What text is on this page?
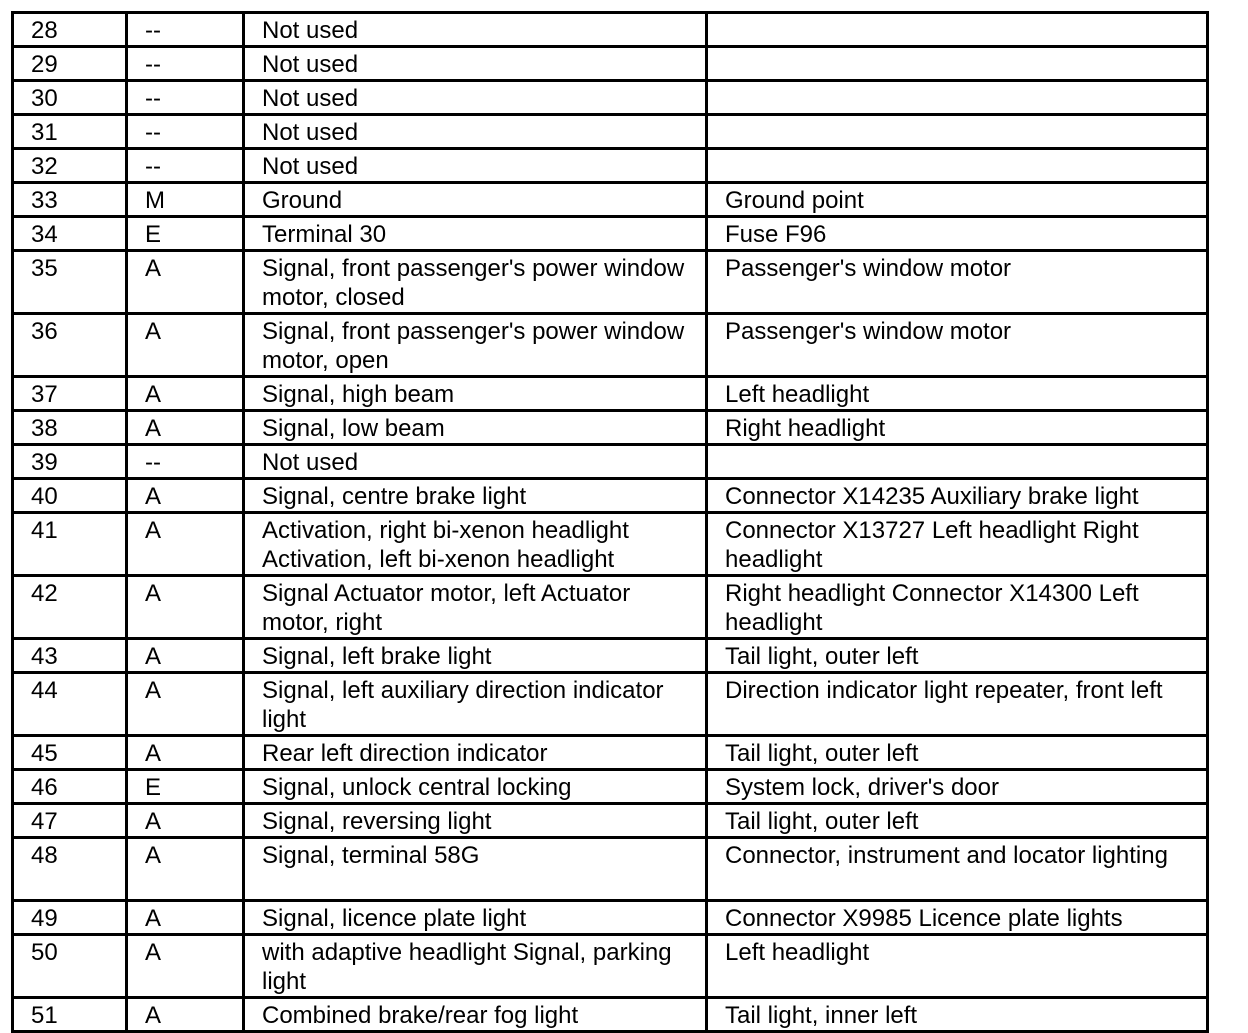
28	--	Not used	
29	--	Not used	
30	--	Not used	
31	--	Not used	
32	--	Not used	
33	M	Ground	Ground point
34	E	Terminal 30	Fuse F96
35	A	Signal, front passenger's power window motor, closed	Passenger's window motor
36	A	Signal, front passenger's power window motor, open	Passenger's window motor
37	A	Signal, high beam	Left headlight
38	A	Signal, low beam	Right headlight
39	--	Not used	
40	A	Signal, centre brake light	Connector X14235 Auxiliary brake light
41	A	Activation, right bi-xenon headlight Activation, left bi-xenon headlight	Connector X13727 Left headlight Right headlight
42	A	Signal Actuator motor, left Actuator motor, right	Right headlight Connector X14300 Left headlight
43	A	Signal, left brake light	Tail light, outer left
44	A	Signal, left auxiliary direction indicator light	Direction indicator light repeater, front left
45	A	Rear left direction indicator	Tail light, outer left
46	E	Signal, unlock central locking	System lock, driver's door
47	A	Signal, reversing light	Tail light, outer left
48	A	Signal, terminal 58G	Connector, instrument and locator lighting
49	A	Signal, licence plate light	Connector X9985 Licence plate lights
50	A	with adaptive headlight Signal, parking light	Left headlight
51	A	Combined brake/rear fog light	Tail light, inner left
